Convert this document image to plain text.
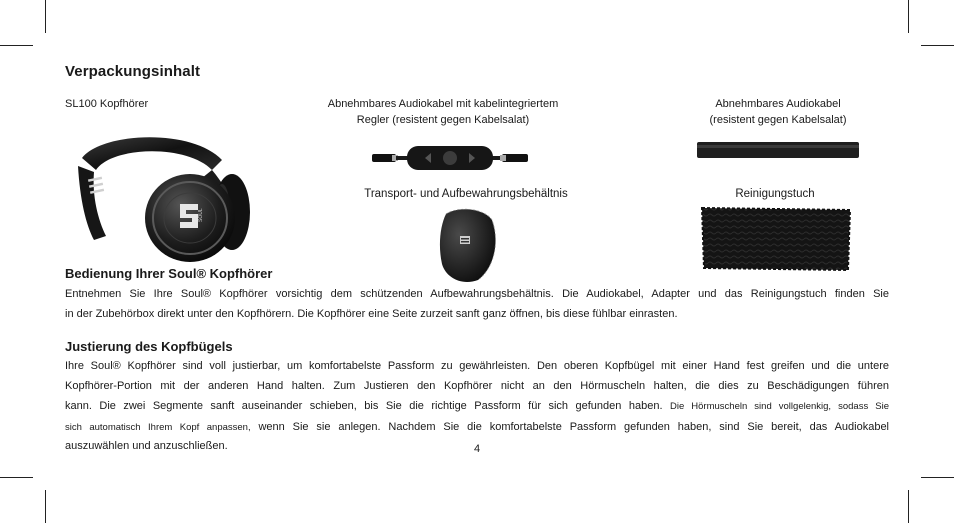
Verpackungsinhalt
SL100 Kopfhörer	Abnehmbares Audiokabel mit kabelintegriertem
Regler (resistent gegen Kabelsalat)
Abnehmbares Audiokabel
(resistent gegen Kabelsalat)
Transport- und Aufbewahrungsbehältnis	Reinigungstuch
SOUL
Bedienung Ihrer Soul® Kopfhörer
Entnehmen Sie Ihre Soul® Kopfhörer vorsichtig dem schützenden Aufbewahrungsbehältnis. Die Audiokabel, Adapter und das Reinigungstuch finden Sie
in der Zubehörbox direkt unter den Kopfhörern. Die Kopfhörer eine Seite zurzeit sanft ganz öffnen, bis diese fühlbar einrasten.
Justierung des Kopfbügels
Ihre Soul® Kopfhörer sind voll justierbar, um komfortabelste Passform zu gewährleisten. Den oberen Kopfbügel mit einer Hand fest greifen und die untere
Kopfhörer-Portion mit der anderen Hand halten. Zum Justieren den Kopfhörer nicht an den Hörmuscheln halten, die dies zu Beschädigungen führen
kann. Die zwei Segmente sanft auseinander schieben, bis Sie die richtige Passform für sich gefunden haben. Die Hörmuscheln sind vollgelenkig, sodass Sie
sich automatisch Ihrem Kopf anpassen, wenn Sie sie anlegen. Nachdem Sie die komfortabelste Passform gefunden haben, sind Sie bereit, das Audiokabel
auszuwählen und anzuschließen.	4
